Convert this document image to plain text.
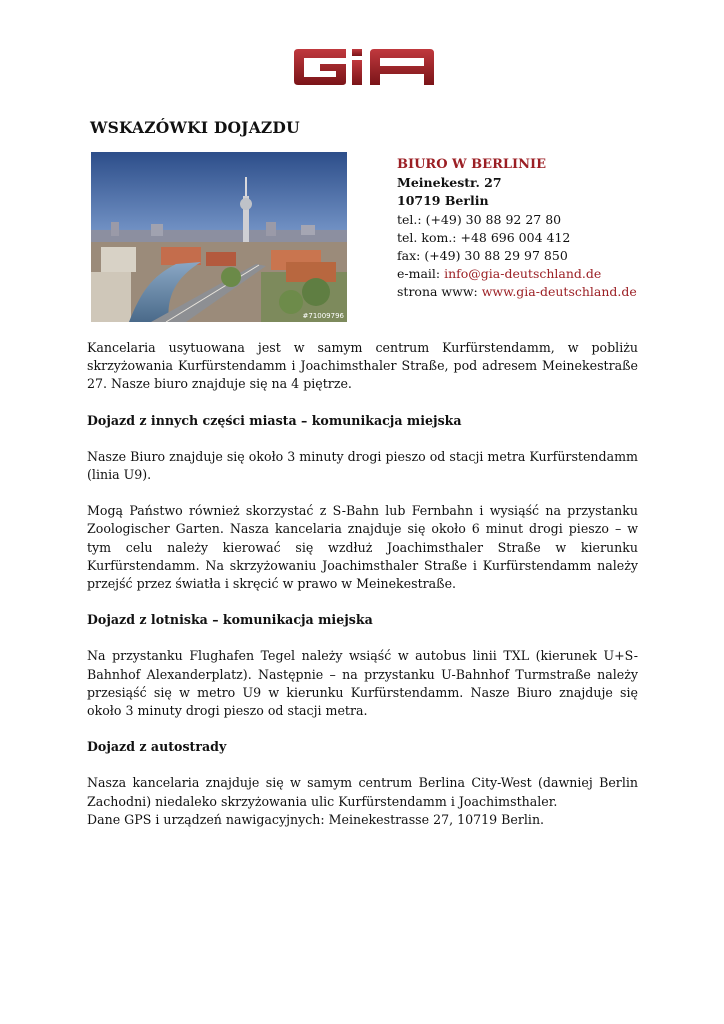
WSKAZÓWKI DOJAZDU
#71009796
BIURO W BERLINIE
Meinekestr. 27
10719 Berlin
tel.: (+49) 30 88 92 27 80
tel. kom.: +48 696 004 412
fax: (+49) 30 88 29 97 850
e-mail: info@gia-deutschland.de
strona www: www.gia-deutschland.de

Kancelaria usytuowana jest w samym centrum Kurfürstendamm, w pobliżu skrzyżowania Kurfürstendamm i Joachimsthaler Straße, pod adresem Meinekestraße 27. Nasze biuro znajduje się na 4 piętrze.

Dojazd z innych części miasta – komunikacja miejska

Nasze Biuro znajduje się około 3 minuty drogi pieszo od stacji metra Kurfürstendamm (linia U9).

Mogą Państwo również skorzystać z S-Bahn lub Fernbahn i wysiąść na przystanku Zoologischer Garten. Nasza kancelaria znajduje się około 6 minut drogi pieszo – w tym celu należy kierować się wzdłuż Joachimsthaler Straße w kierunku Kurfürstendamm. Na skrzyżowaniu Joachimsthaler Straße i Kurfürstendamm należy przejść przez światła i skręcić w prawo w Meinekestraße.

Dojazd z lotniska – komunikacja miejska

Na przystanku Flughafen Tegel należy wsiąść w autobus linii TXL (kierunek U+S-Bahnhof Alexanderplatz). Następnie – na przystanku U-Bahnhof Turmstraße należy przesiąść się w metro U9 w kierunku Kurfürstendamm. Nasze Biuro znajduje się około 3 minuty drogi pieszo od stacji metra.

Dojazd z autostrady

Nasza kancelaria znajduje się w samym centrum Berlina City-West (dawniej Berlin Zachodni) niedaleko skrzyżowania ulic Kurfürstendamm i Joachimsthaler.

Dane GPS i urządzeń nawigacyjnych: Meinekestrasse 27, 10719 Berlin.
